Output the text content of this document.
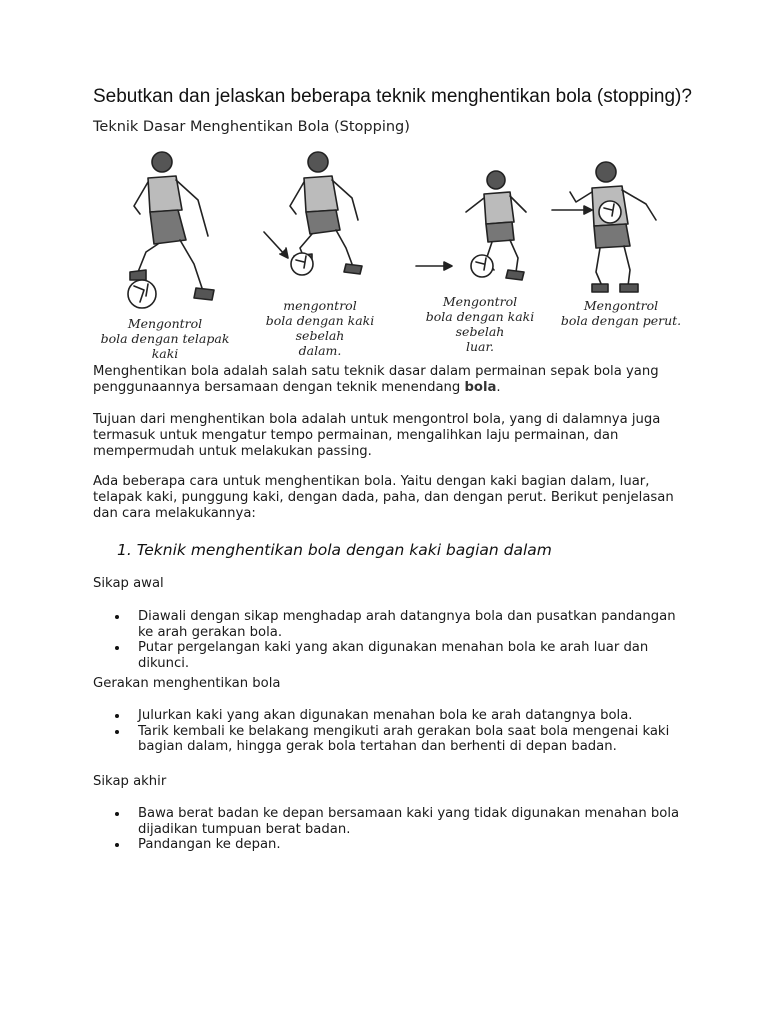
Sebutkan dan jelaskan beberapa teknik menghentikan bola (stopping)?
Teknik Dasar Menghentikan Bola (Stopping)
Mengontrol
bola dengan telapak kaki
mengontrol
bola dengan kaki sebelah
dalam.
Mengontrol
bola dengan kaki sebelah
luar.
Mengontrol
bola dengan perut.
Menghentikan bola adalah salah satu teknik dasar dalam permainan sepak bola yang penggunaannya bersamaan dengan teknik menendang bola.
Tujuan dari menghentikan bola adalah untuk mengontrol bola, yang di dalamnya juga termasuk untuk mengatur tempo permainan, mengalihkan laju permainan, dan mempermudah untuk melakukan passing.
Ada beberapa cara untuk menghentikan bola. Yaitu dengan kaki bagian dalam, luar, telapak kaki, punggung kaki, dengan dada, paha, dan dengan perut. Berikut penjelasan dan cara melakukannya:
1. Teknik menghentikan bola dengan kaki bagian dalam
Sikap awal
Diawali dengan sikap menghadap arah datangnya bola dan pusatkan pandangan ke arah gerakan bola.
Putar pergelangan kaki yang akan digunakan menahan bola ke arah luar dan dikunci.
Gerakan menghentikan bola
Julurkan kaki yang akan digunakan menahan bola ke arah datangnya bola.
Tarik kembali ke belakang mengikuti arah gerakan bola saat bola mengenai kaki bagian dalam, hingga gerak bola tertahan dan berhenti di depan badan.
Sikap akhir
Bawa berat badan ke depan bersamaan kaki yang tidak digunakan menahan bola dijadikan tumpuan berat badan.
Pandangan ke depan.
